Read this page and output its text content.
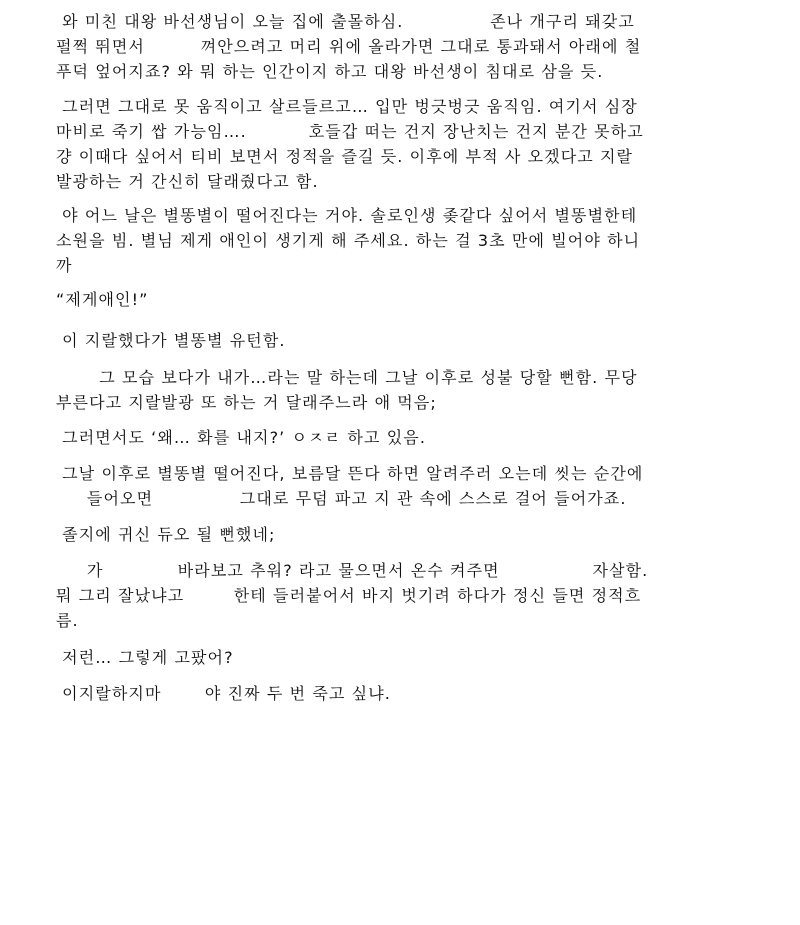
와 미친 대왕 바선생님이 오늘 집에 출몰하심.              존나 개구리 돼갖고
펄쩍 뛰면서         껴안으려고 머리 위에 올라가면 그대로 통과돼서 아래에 철
푸덕 엎어지죠? 와 뭐 하는 인간이지 하고 대왕 바선생이 침대로 삼을 듯.

그러면 그대로 못 움직이고 살르들르고… 입만 벙긋벙긋 움직임. 여기서 심장
마비로 죽기 쌉 가능임….          호들갑 떠는 건지 장난치는 건지 분간 못하고
걍 이때다 싶어서 티비 보면서 정적을 즐길 듯. 이후에 부적 사 오겠다고 지랄
발광하는 거 간신히 달래줬다고 함.

야 어느 날은 별똥별이 떨어진다는 거야. 솔로인생 좆같다 싶어서 별똥별한테
소원을 빔. 별님 제게 애인이 생기게 해 주세요. 하는 걸 3초 만에 빌어야 하니
까

“제게애인!”

이 지랄했다가 별똥별 유턴함.

그 모습 보다가 내가…라는 말 하는데 그날 이후로 성불 당할 뻔함. 무당
부른다고 지랄발광 또 하는 거 달래주느라 애 먹음;

그러면서도 ‘왜… 화를 내지?’ ㅇㅈㄹ 하고 있음.

그날 이후로 별똥별 떨어진다, 보름달 뜬다 하면 알려주러 오는데 씻는 순간에
들어오면              그대로 무덤 파고 지 관 속에 스스로 걸어 들어가죠.

졸지에 귀신 듀오 될 뻔했네;

가            바라보고 추워? 라고 물으면서 온수 켜주면               자살함.
뭐 그리 잘났냐고        한테 들러붙어서 바지 벗기려 하다가 정신 들면 정적흐
름.

저런… 그렇게 고팠어?

이지랄하지마       야 진짜 두 번 죽고 싶냐.
